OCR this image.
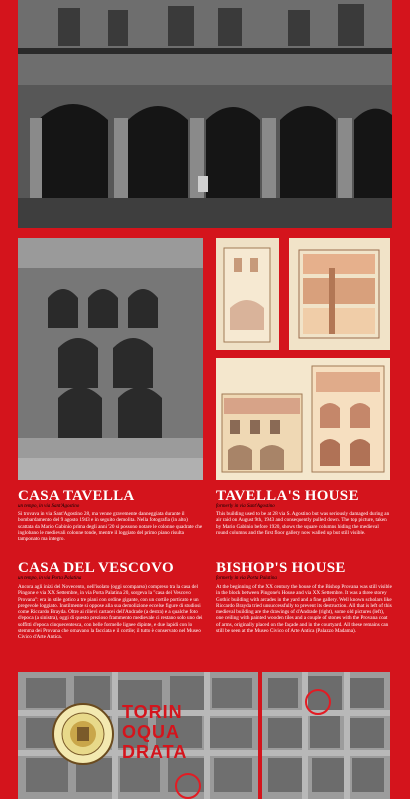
CASA TAVELLA
un tempo, in via Sant'Agostino
Si trovava in via Sant'Agostino 28, ma venne gravemente danneggiata durante il bombardamento del 9 agosto 1943 e in seguito demolita. Nella fotografia (in alto) scattata da Mario Gabinio prima degli anni '20 si possono notare le colonne quadrate che inglobano le medievali colonne tonde, mentre il loggiato del primo piano risulta tamponato ma integro.
CASA DEL VESCOVO
un tempo, in via Porta Palatina
Ancora agli inizi del Novecento, nell'isolato (oggi scomparso) compreso tra la casa del Pingone e via XX Settembre, in via Porta Palatina 20, sorgeva la "casa del Vescovo Provana": era in stile gotico a tre piani con ordine gigante, con un cortile porticato e un pregevole loggiato. Inutilmente si oppose alla sua demolizione eccelse figure di studiosi come Riccardo Brayda. Oltre ai rilievi cartacei dell'Andrade (a destra) e a qualche foto d'epoca (a sinistra), oggi di questo prezioso frammento medievale ci restano solo uno dei soffitti d'epoca cinquecentesca, con belle formelle lignee dipinte, e due lapidi con lo stemma dei Provana che ornavano la facciata e il cortile; il tutto è conservato nel Museo Civico d'Arte Antica.
TAVELLA'S HOUSE
formerly in via Sant'Agostino
This building used to be at 28 via S. Agostino but was seriously damaged during an air raid on August 9th, 1943 and consequently pulled down. The top picture, taken by Mario Gabinio before 1920, shows the square columns hiding the medieval round columns and the first floor gallery now walled up but still visible.
BISHOP'S HOUSE
formerly in via Porta Palatina
At the beginning of the XX century the house of the Bishop Provana was still visible in the block between Pingone's House and via XX Settembre. It was a three storey Gothic building with arcades in the yard and a fine gallery. Well known scholars like Riccardo Brayda tried unsuccessfully to prevent its destruction. All that is left of this medieval building are the drawings of d'Andrade (right), some old pictures (left), one ceiling with painted wooden tiles and a couple of stones with the Provana coat of arms, originally placed on the façade and in the courtyard. All these remains can still be seen at the Museo Civico of Arte Antica (Palazzo Madama).
TORIN
OQUA
DRATA
